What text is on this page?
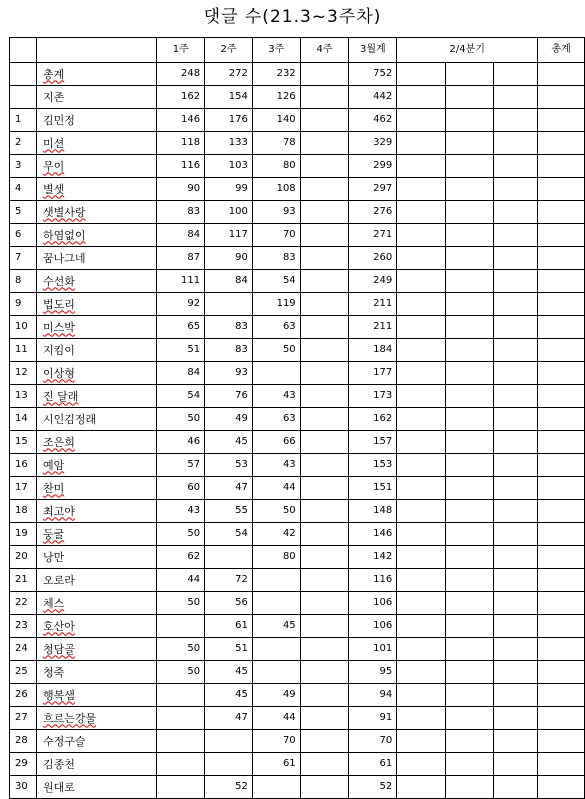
댓글 수(21.3~3주차)
		1주	2주	3주	4주	3월계	2/4분기			총계
	총계	248	272	232		752				
	지존	162	154	126		442				
1	김민정	146	176	140		462				
2	미션	118	133	78		329				
3	무이	116	103	80		299				
4	별셋	90	99	108		297				
5	샛별사랑	83	100	93		276				
6	하염없이	84	117	70		271				
7	꿈나그네	87	90	83		260				
8	수선화	111	84	54		249				
9	법도리	92		119		211				
10	미스박	65	83	63		211				
11	지킴이	51	83	50		184				
12	이상형	84	93			177				
13	진 달래	54	76	43		173				
14	시인김정래	50	49	63		162				
15	조은희	46	45	66		157				
16	예암	57	53	43		153				
17	찬미	60	47	44		151				
18	최고야	43	55	50		148				
19	둥굴	50	54	42		146				
20	낭만	62		80		142				
21	오로라	44	72			116				
22	체스	50	56			106				
23	호산아		61	45		106				
24	청담골	50	51			101				
25	청죽	50	45			95				
26	행복샘		45	49		94				
27	흐르는강물		47	44		91				
28	수정구슬			70		70				
29	김종천			61		61				
30	원대로		52			52				
